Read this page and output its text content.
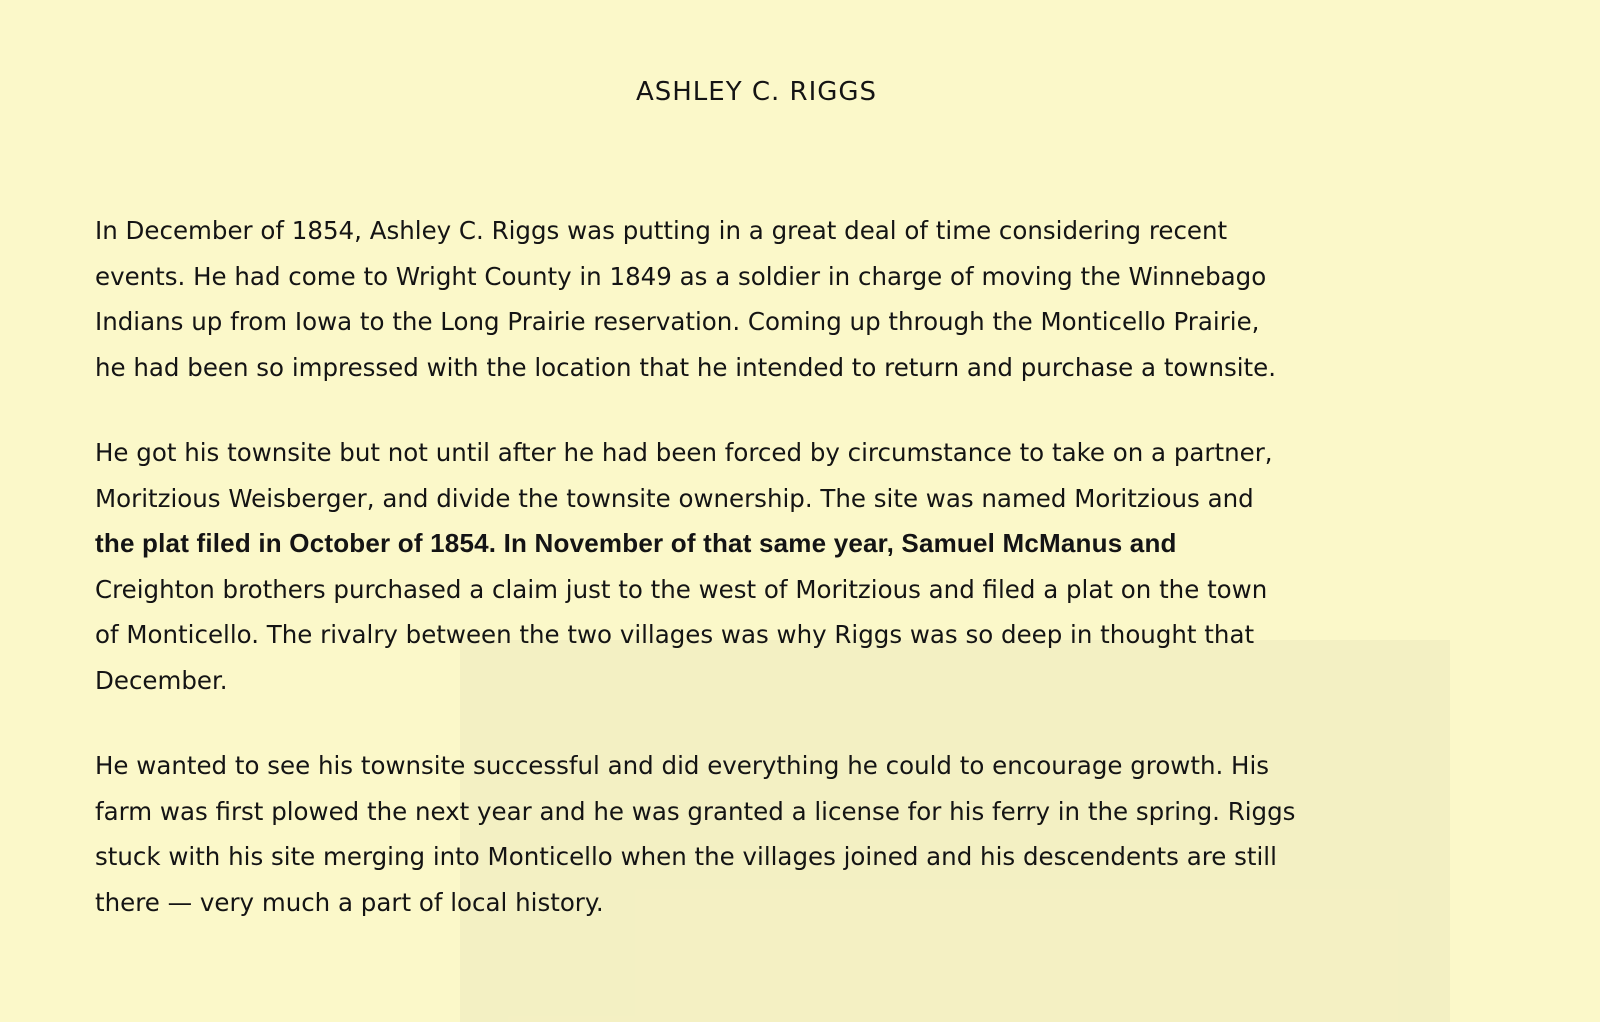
ASHLEY C. RIGGS

In December of 1854, Ashley C. Riggs was putting in a great deal of time considering recent
events. He had come to Wright County in 1849 as a soldier in charge of moving the Winnebago
Indians up from Iowa to the Long Prairie reservation. Coming up through the Monticello Prairie,
he had been so impressed with the location that he intended to return and purchase a townsite.

He got his townsite but not until after he had been forced by circumstance to take on a partner,
Moritzious Weisberger, and divide the townsite ownership. The site was named Moritzious and
the plat filed in October of 1854. In November of that same year, Samuel McManus and
Creighton brothers purchased a claim just to the west of Moritzious and filed a plat on the town
of Monticello. The rivalry between the two villages was why Riggs was so deep in thought that
December.

He wanted to see his townsite successful and did everything he could to encourage growth. His
farm was first plowed the next year and he was granted a license for his ferry in the spring. Riggs
stuck with his site merging into Monticello when the villages joined and his descendents are still
there — very much a part of local history.
